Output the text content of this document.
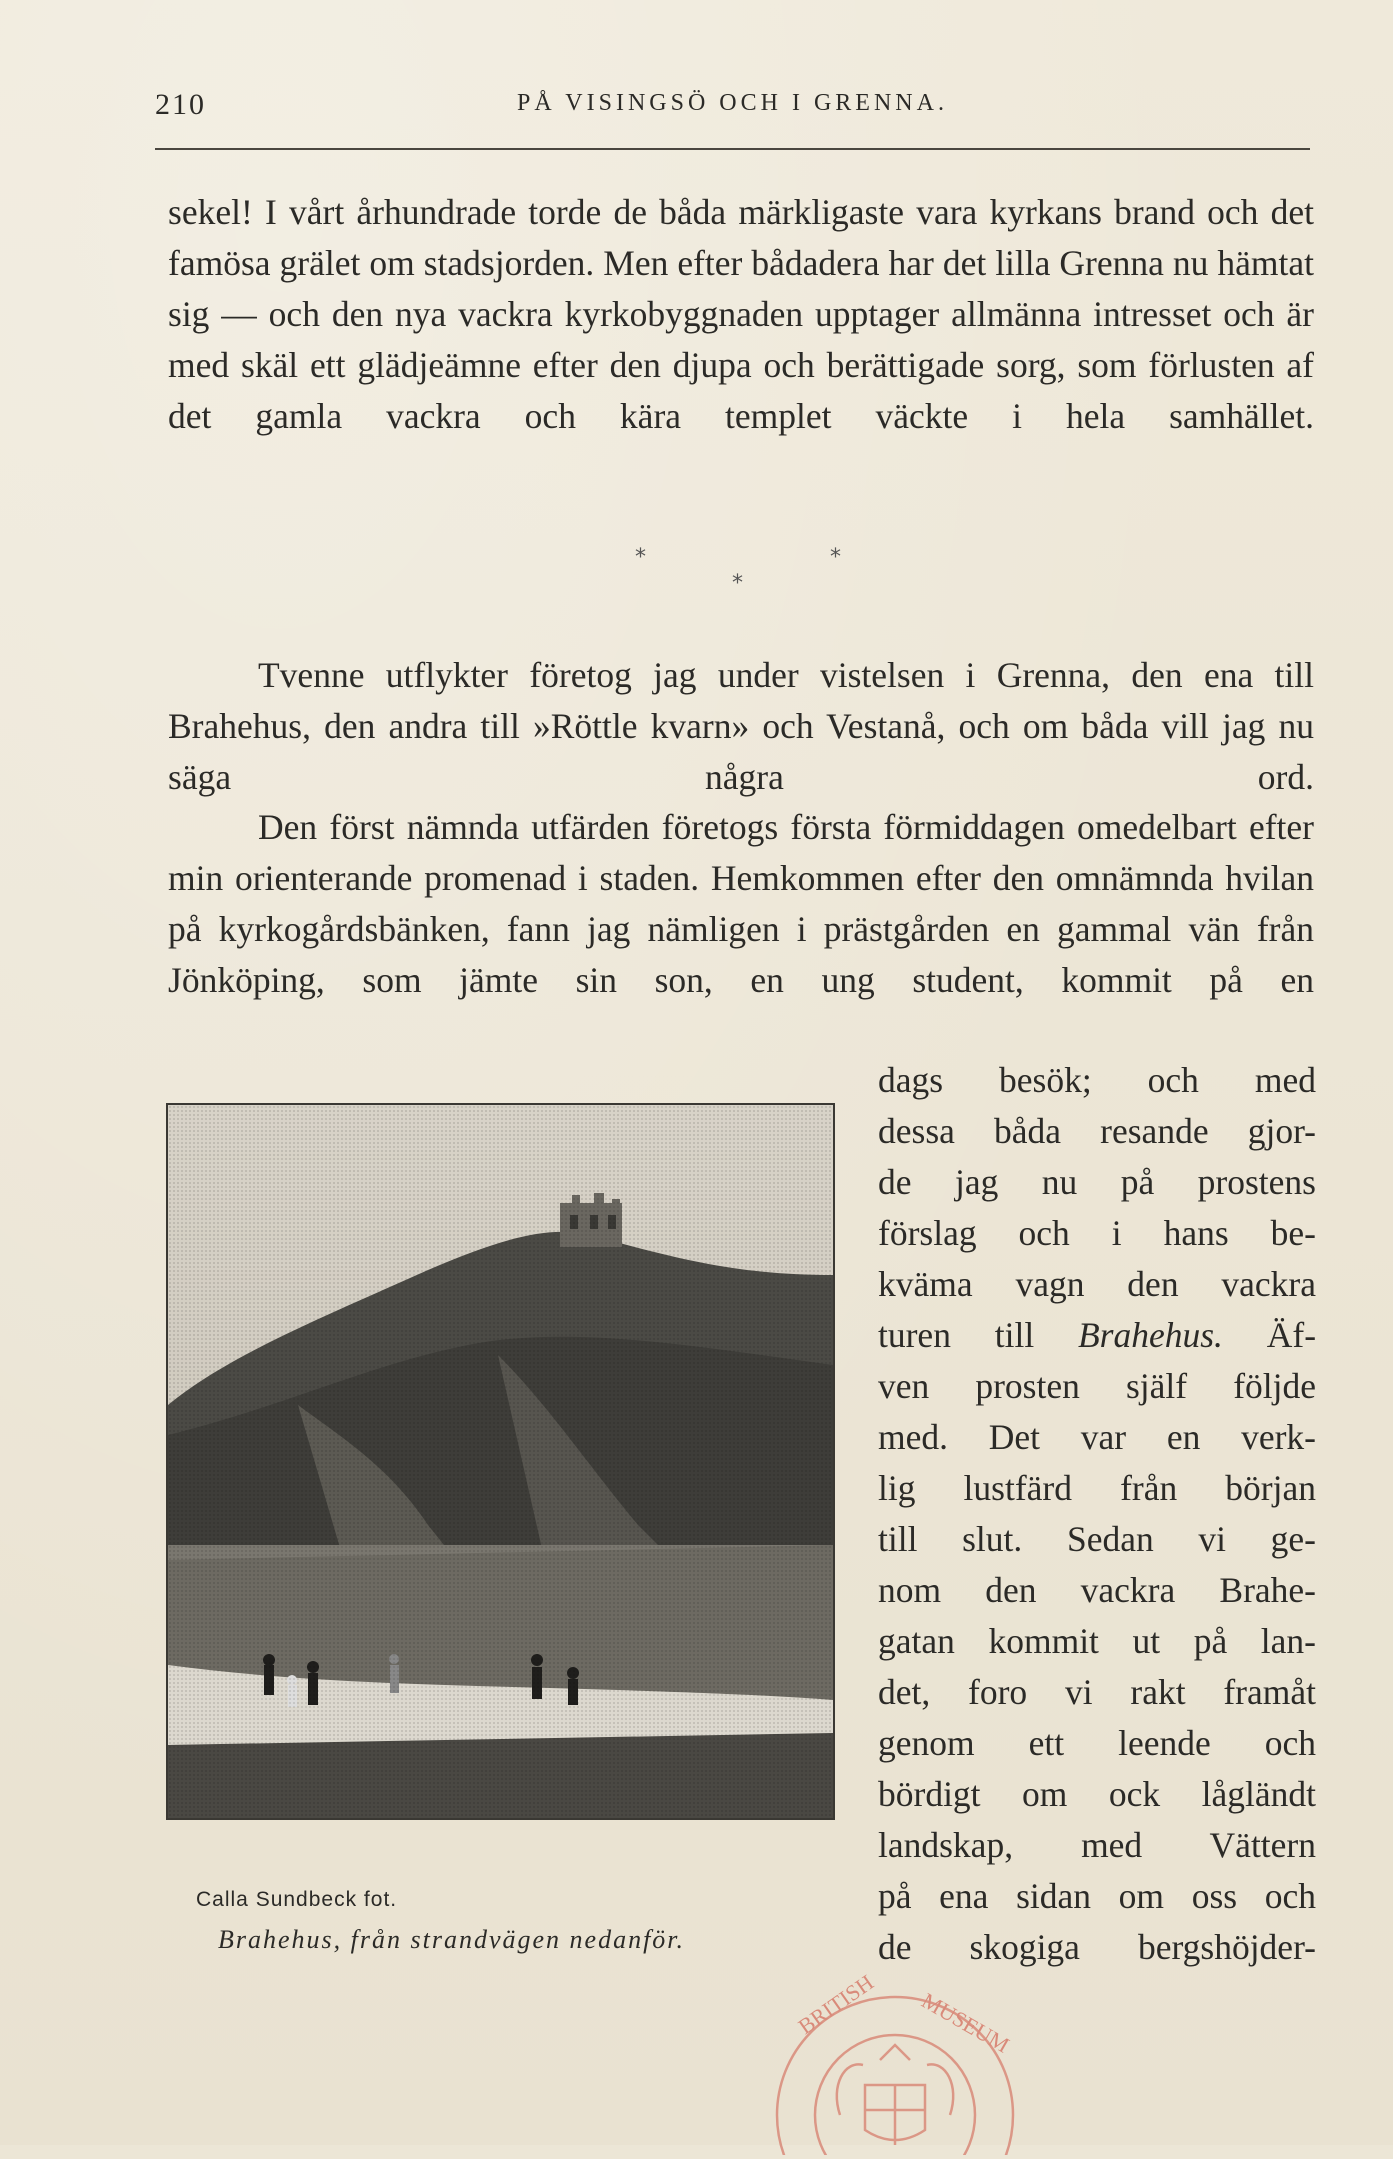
210	PÅ VISINGSÖ OCH I GRENNA.

sekel! I vårt århundrade torde de båda märkligaste vara kyrkans brand och det famösa grälet om stadsjorden. Men efter bådadera har det lilla Grenna nu hämtat sig — och den nya vackra kyrkobyggnaden upptager allmänna intresset och är med skäl ett glädjeämne efter den djupa och berättigade sorg, som förlusten af det gamla vackra och kära templet väckte i hela samhället.

*	*
*

Tvenne utflykter företog jag under vistelsen i Grenna, den ena till Brahehus, den andra till »Röttle kvarn» och Vestanå, och om båda vill jag nu säga några ord.

Den först nämnda utfärden företogs första förmiddagen omedelbart efter min orienterande promenad i staden. Hemkommen efter den omnämnda hvilan på kyrkogårdsbänken, fann jag nämligen i prästgården en gammal vän från Jönköping, som jämte sin son, en ung student, kommit på en

dags besök; och med
dessa båda resande gjor-
de jag nu på prostens
förslag och i hans be-
kväma vagn den vackra
turen till Brahehus. Äf-
ven prosten själf följde
med. Det var en verk-
lig lustfärd från början
till slut. Sedan vi ge-
nom den vackra Brahe-
gatan kommit ut på lan-
det, foro vi rakt framåt
genom ett leende och
bördigt om ock lågländt
landskap, med Vättern
på ena sidan om oss och
de skogiga bergshöjder-
Calla Sundbeck fot.
Brahehus, från strandvägen nedanför.
BRITISH MUSEUM
